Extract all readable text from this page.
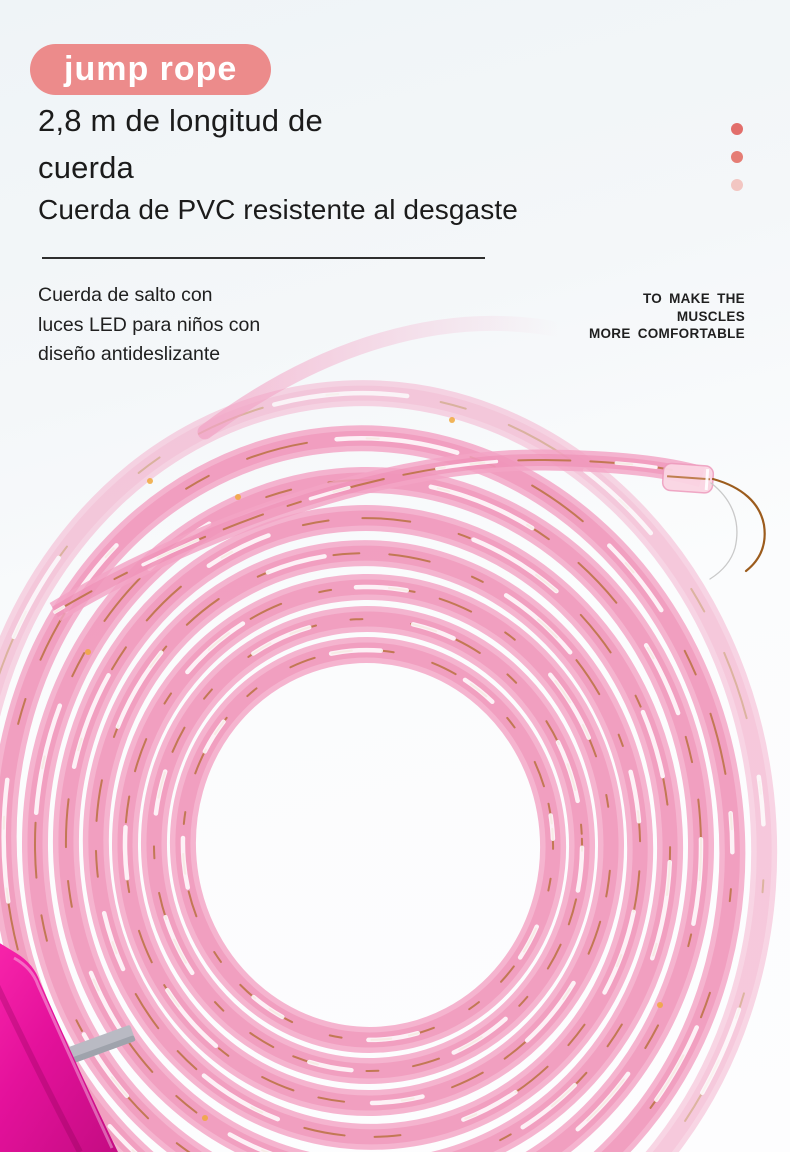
jump rope
2,8 m de longitud de
cuerda
Cuerda de PVC resistente al desgaste
Cuerda de salto con
luces LED para niños con
diseño antideslizante
TO MAKE THE
MUSCLES
MORE COMFORTABLE
